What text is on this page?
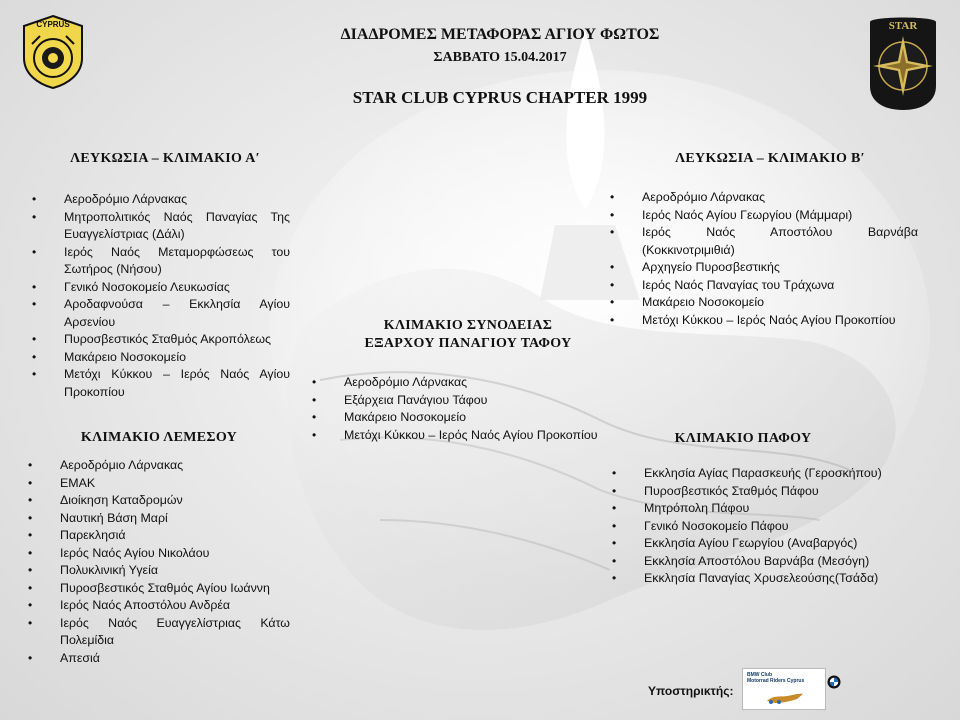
CYPRUS	STAR
ΔΙΑΔΡΟΜΕΣ ΜΕΤΑΦΟΡΑΣ ΑΓΙΟΥ ΦΩΤΟΣ
ΣΑΒΒΑΤΟ 15.04.2017
STAR CLUB CYPRUS CHAPTER 1999
ΛΕΥΚΩΣΙΑ – ΚΛΙΜΑΚΙΟ Α′
• Αεροδρόμιο Λάρνακας
• Μητροπολιτικός Ναός Παναγίας Της Ευαγγελίστριας (Δάλι)
• Ιερός Ναός Μεταμορφώσεως του Σωτήρος (Νήσου)
• Γενικό Νοσοκομείο Λευκωσίας
• Αροδαφνούσα – Εκκλησία Αγίου Αρσενίου
• Πυροσβεστικός Σταθμός Ακροπόλεως
• Μακάρειο Νοσοκομείο
• Μετόχι Κύκκου – Ιερός Ναός Αγίου Προκοπίου
ΚΛΙΜΑΚΙΟ ΛΕΜΕΣΟΥ
• Αεροδρόμιο Λάρνακας
• ΕΜΑΚ
• Διοίκηση Καταδρομών
• Ναυτική Βάση Μαρί
• Παρεκλησιά
• Ιερός Ναός Αγίου Νικολάου
• Πολυκλινική Υγεία
• Πυροσβεστικός Σταθμός Αγίου Ιωάννη
• Ιερός Ναός Αποστόλου Ανδρέα
• Ιερός Ναός Ευαγγελίστριας Κάτω Πολεμίδια
• Απεσιά
ΚΛΙΜΑΚΙΟ ΣΥΝΟΔΕΙΑΣ
ΕΞΑΡΧΟΥ ΠΑΝΑΓΙΟΥ ΤΑΦΟΥ
• Αεροδρόμιο Λάρνακας
• Εξάρχεια Πανάγιου Τάφου
• Μακάρειο Νοσοκομείο
• Μετόχι Κύκκου – Ιερός Ναός Αγίου Προκοπίου
ΛΕΥΚΩΣΙΑ – ΚΛΙΜΑΚΙΟ Β′
• Αεροδρόμιο Λάρνακας
• Ιερός Ναός Αγίου Γεωργίου (Μάμμαρι)
• Ιερός Ναός Αποστόλου Βαρνάβα (Κοκκινοτριμιθιά)
• Αρχηγείο Πυροσβεστικής
• Ιερός Ναός Παναγίας του Τράχωνα
• Μακάρειο Νοσοκομείο
• Μετόχι Κύκκου – Ιερός Ναός Αγίου Προκοπίου
ΚΛΙΜΑΚΙΟ ΠΑΦΟΥ
• Εκκλησία Αγίας Παρασκευής (Γεροσκήπου)
• Πυροσβεστικός Σταθμός Πάφου
• Μητρόπολη Πάφου
• Γενικό Νοσοκομείο Πάφου
• Εκκλησία Αγίου Γεωργίου (Αναβαργός)
• Εκκλησία Αποστόλου Βαρνάβα (Μεσόγη)
• Εκκλησία Παναγίας Χρυσελεούσης(Τσάδα)
Υποστηρικτής:
BMW Club
Motorrad Riders Cyprus
